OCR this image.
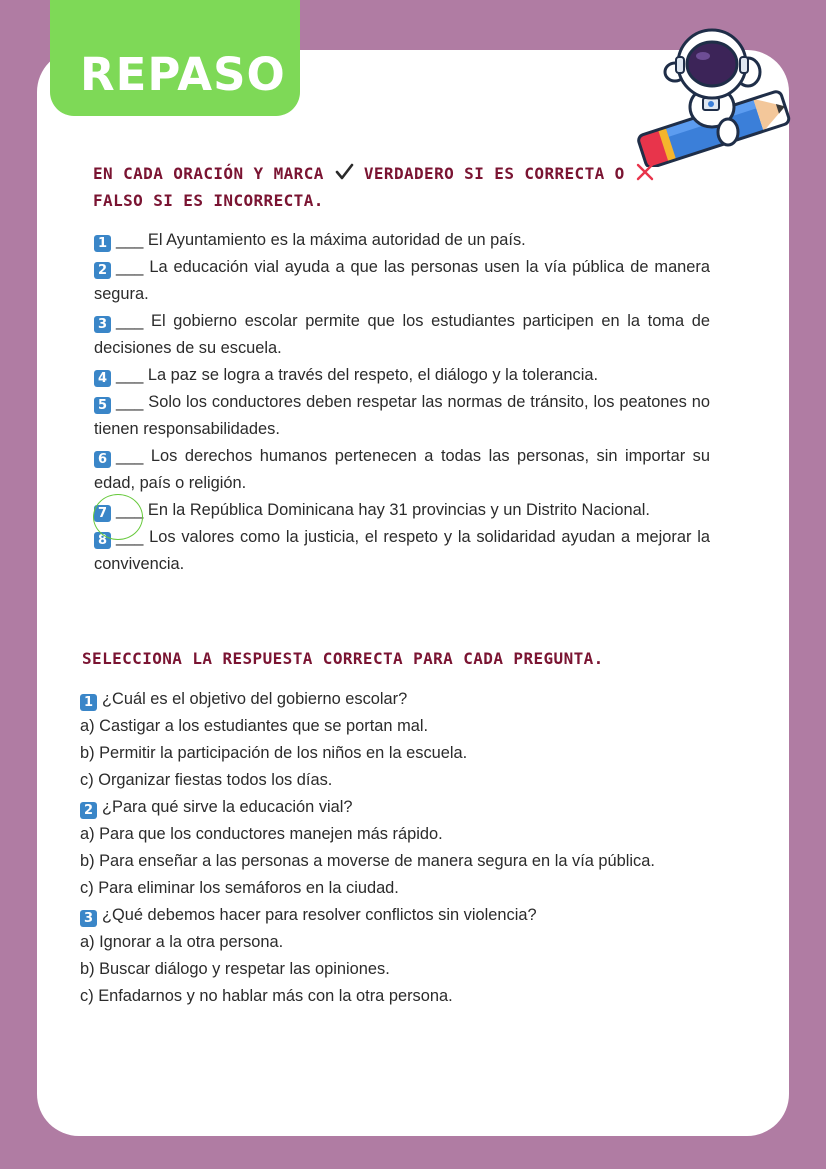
REPASO
EN CADA ORACIÓN Y MARCA	VERDADERO SI ES CORRECTA O
FALSO SI ES INCORRECTA.

1 ___ El Ayuntamiento es la máxima autoridad de un país.

2 ___ La educación vial ayuda a que las personas usen la vía pública de manera segura.

3 ___ El gobierno escolar permite que los estudiantes participen en la toma de decisiones de su escuela.

4 ___ La paz se logra a través del respeto, el diálogo y la tolerancia.

5 ___ Solo los conductores deben respetar las normas de tránsito, los peatones no tienen responsabilidades.

6 ___ Los derechos humanos pertenecen a todas las personas, sin importar su edad, país o religión.

7 ___ En la República Dominicana hay 31 provincias y un Distrito Nacional.

8 ___ Los valores como la justicia, el respeto y la solidaridad ayudan a mejorar la convivencia.

SELECCIONA LA RESPUESTA CORRECTA PARA CADA PREGUNTA.

1 ¿Cuál es el objetivo del gobierno escolar?

a) Castigar a los estudiantes que se portan mal.

b) Permitir la participación de los niños en la escuela.

c) Organizar fiestas todos los días.

2 ¿Para qué sirve la educación vial?

a) Para que los conductores manejen más rápido.

b) Para enseñar a las personas a moverse de manera segura en la vía pública.

c) Para eliminar los semáforos en la ciudad.

3 ¿Qué debemos hacer para resolver conflictos sin violencia?

a) Ignorar a la otra persona.

b) Buscar diálogo y respetar las opiniones.

c) Enfadarnos y no hablar más con la otra persona.
